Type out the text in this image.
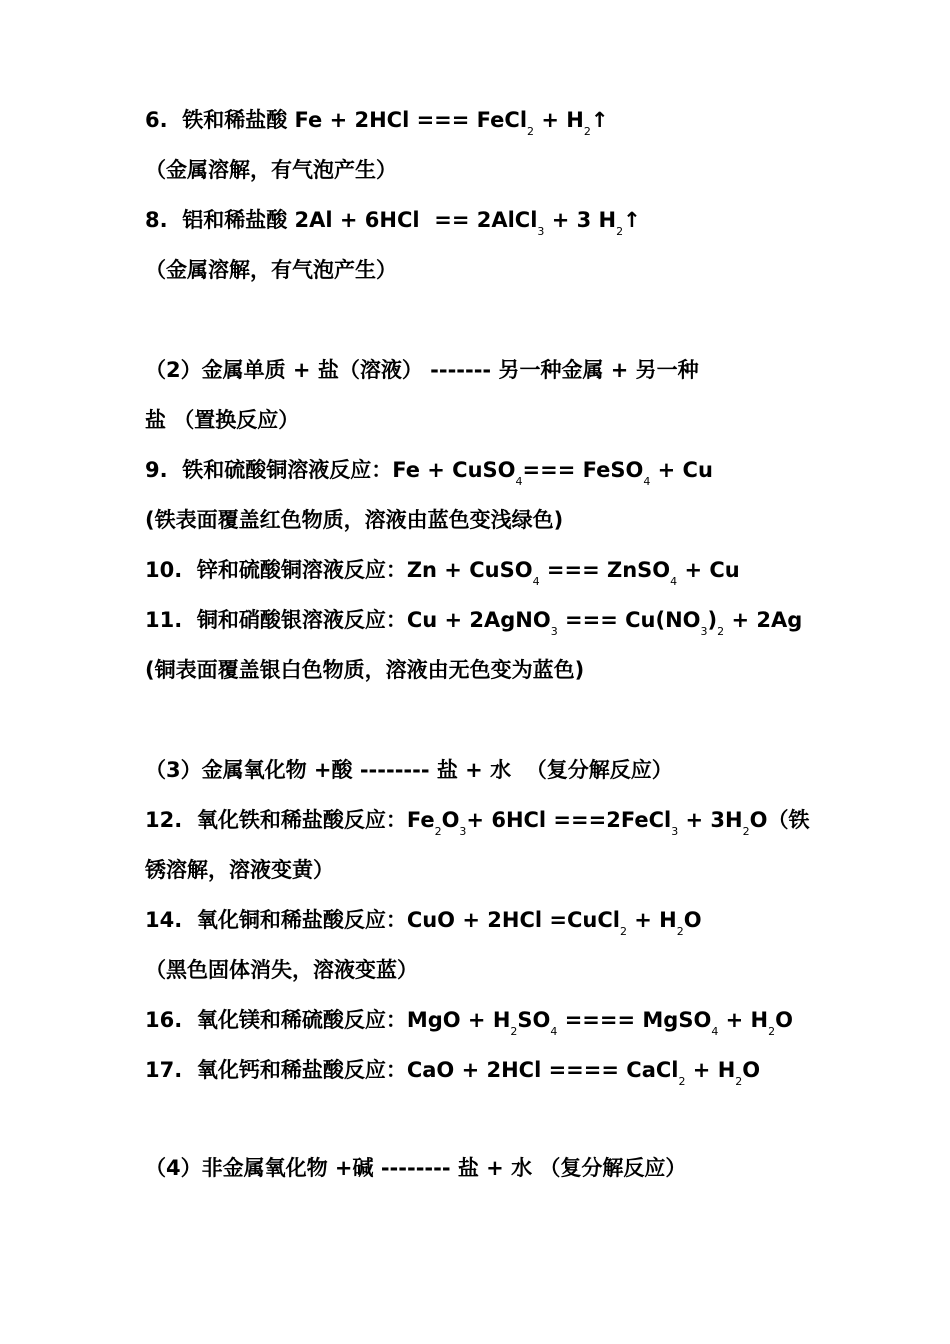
6.  铁和稀盐酸 Fe + 2HCl === FeCl$_2$ + $H_2↑$
（金属溶解，有气泡产生）
8.  铝和稀盐酸 2Al + 6HCl  == 2AlCl$_3$ + 3 $H_2↑$
（金属溶解，有气泡产生）
（2）金属单质 + 盐（溶液） ------- 另一种金属 + 另一种
盐 （置换反应）
9.  铁和硫酸铜溶液反应：Fe + CuSO$_4$=== FeSO$_4$ + Cu
(铁表面覆盖红色物质，溶液由蓝色变浅绿色)
10.  锌和硫酸铜溶液反应：Zn + CuSO$_4$ === ZnSO$_4$ + Cu
11.  铜和硝酸银溶液反应：Cu + 2AgNO$_3$ === $Cu(NO_3)_2 + 2Ag$
(铜表面覆盖银白色物质，溶液由无色变为蓝色)
（3）金属氧化物 +酸 -------- 盐 + 水  （复分解反应）
12.  氧化铁和稀盐酸反应：$Fe_2O_3+ 6HCl$ ===2FeCl$_3$ + $3H_2O$（铁
锈溶解，溶液变黄）
14.  氧化铜和稀盐酸反应：CuO + 2HCl =CuCl$_2$ + $H_2O$
（黑色固体消失，溶液变蓝）
16.  氧化镁和稀硫酸反应：MgO + $H_2SO_4$ ==== MgSO$_4$ + $H_2O$
17.  氧化钙和稀盐酸反应：CaO + 2HCl ==== CaCl$_2$ + $H_2O$
（4）非金属氧化物 +碱 -------- 盐 + 水 （复分解反应）
